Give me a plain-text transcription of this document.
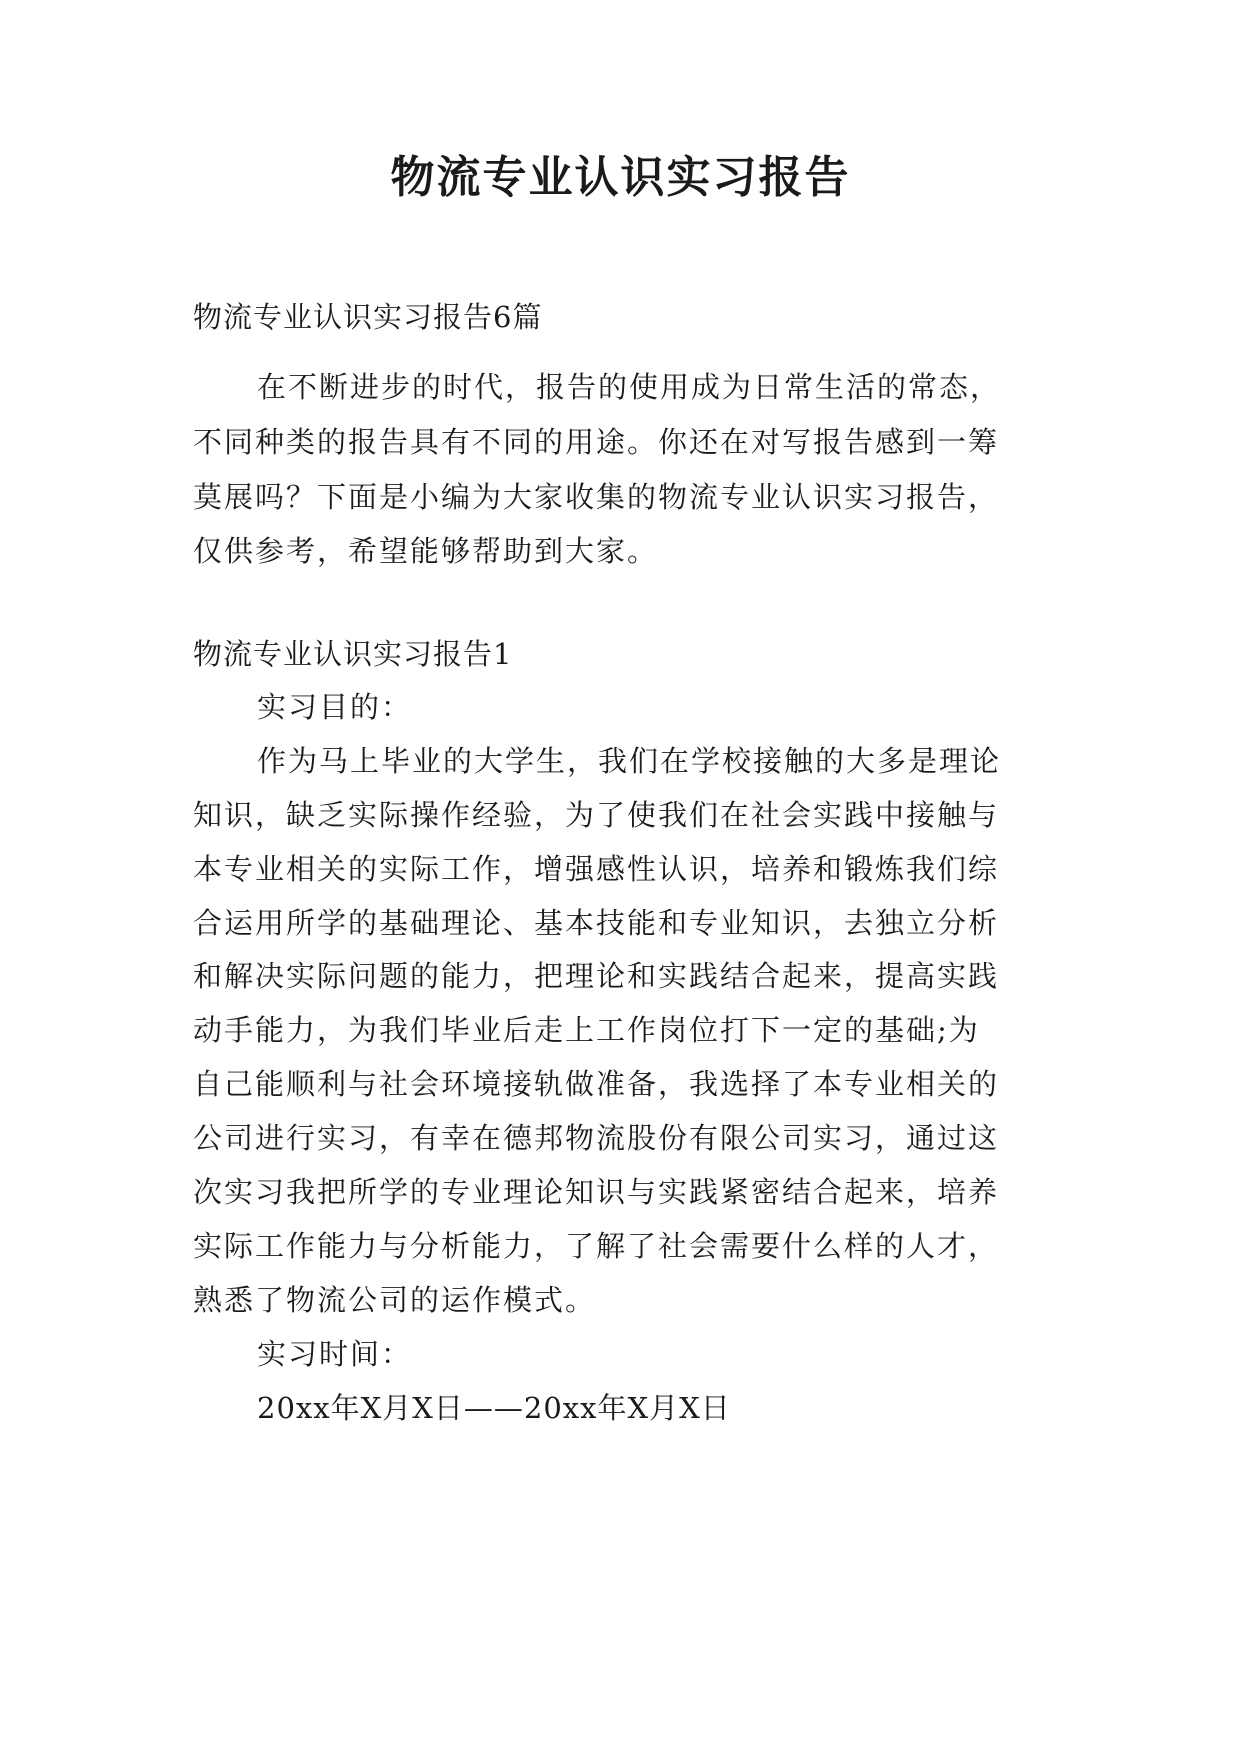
物流专业认识实习报告

物流专业认识实习报告6篇

在不断进步的时代，报告的使用成为日常生活的常态，

不同种类的报告具有不同的用途。你还在对写报告感到一筹

莫展吗？下面是小编为大家收集的物流专业认识实习报告，

仅供参考，希望能够帮助到大家。

物流专业认识实习报告1

实习目的：

作为马上毕业的大学生，我们在学校接触的大多是理论

知识，缺乏实际操作经验，为了使我们在社会实践中接触与

本专业相关的实际工作，增强感性认识，培养和锻炼我们综

合运用所学的基础理论、基本技能和专业知识，去独立分析

和解决实际问题的能力，把理论和实践结合起来，提高实践

动手能力，为我们毕业后走上工作岗位打下一定的基础;为

自己能顺利与社会环境接轨做准备，我选择了本专业相关的

公司进行实习，有幸在德邦物流股份有限公司实习，通过这

次实习我把所学的专业理论知识与实践紧密结合起来，培养

实际工作能力与分析能力，了解了社会需要什么样的人才，

熟悉了物流公司的运作模式。

实习时间：

20xx年X月X日——20xx年X月X日
